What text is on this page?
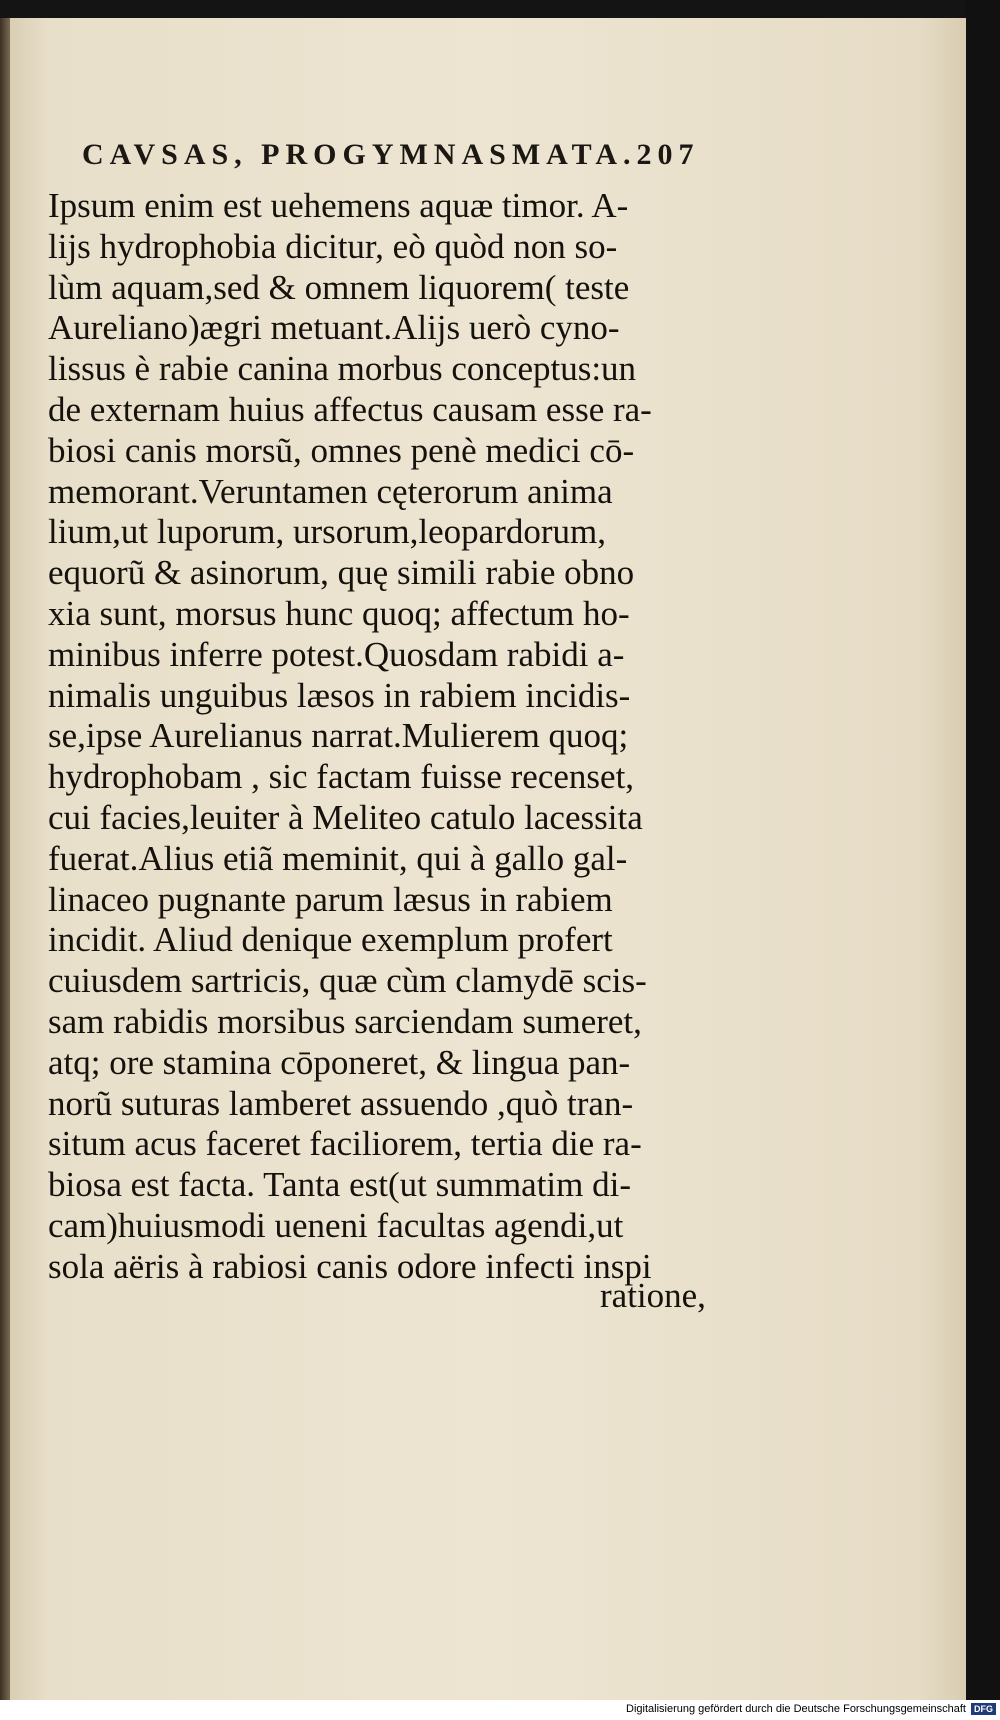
CAVSAS, PROGYMNASMATA.207
Ipsum enim est uehemens aquæ timor. A-
lijs hydrophobia dicitur, eò quòd non so-
lùm aquam,sed & omnem liquorem( teste
Aureliano)ægri metuant.Alijs uerò cyno-
lissus è rabie canina morbus conceptus:un
de externam huius affectus causam esse ra-
biosi canis morsũ, omnes penè medici cō-
memorant.Veruntamen cęterorum anima
lium,ut luporum, ursorum,leopardorum,
equorũ & asinorum, quę simili rabie obno
xia sunt, morsus hunc quoq; affectum ho-
minibus inferre potest.Quosdam rabidi a-
nimalis unguibus læsos in rabiem incidis-
se,ipse Aurelianus narrat.Mulierem quoq;
hydrophobam , sic factam fuisse recenset,
cui facies,leuiter à Meliteo catulo lacessita
fuerat.Alius etiã meminit, qui à gallo gal-
linaceo pugnante parum læsus in rabiem
incidit. Aliud denique exemplum profert
cuiusdem sartricis, quæ cùm clamydē scis-
sam rabidis morsibus sarciendam sumeret,
atq; ore stamina cōponeret, & lingua pan-
norũ suturas lamberet assuendo ,quò tran-
situm acus faceret faciliorem, tertia die ra-
biosa est facta. Tanta est(ut summatim di-
cam)huiusmodi ueneni facultas agendi,ut
sola aëris à rabiosi canis odore infecti inspi
ratione,
Digitalisierung gefördert durch die Deutsche Forschungsgemeinschaft DFG
